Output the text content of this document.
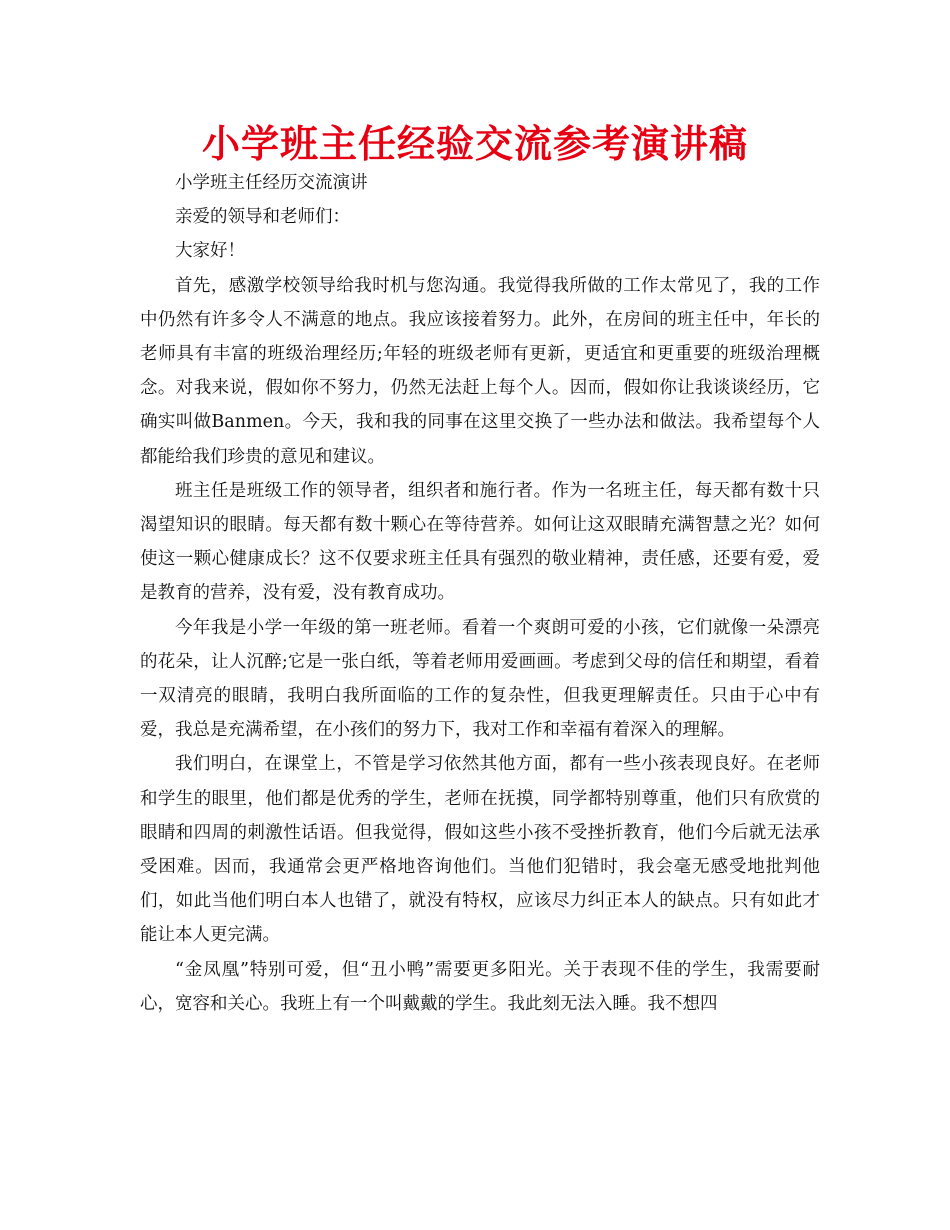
小学班主任经验交流参考演讲稿

小学班主任经历交流演讲

亲爱的领导和老师们：

大家好！

首先，感激学校领导给我时机与您沟通。我觉得我所做的工作太常见了，我的工作中仍然有许多令人不满意的地点。我应该接着努力。此外，在房间的班主任中，年长的老师具有丰富的班级治理经历;年轻的班级老师有更新，更适宜和更重要的班级治理概念。对我来说，假如你不努力，仍然无法赶上每个人。因而，假如你让我谈谈经历，它确实叫做Banmen。今天，我和我的同事在这里交换了一些办法和做法。我希望每个人都能给我们珍贵的意见和建议。

班主任是班级工作的领导者，组织者和施行者。作为一名班主任，每天都有数十只渴望知识的眼睛。每天都有数十颗心在等待营养。如何让这双眼睛充满智慧之光？如何使这一颗心健康成长？这不仅要求班主任具有强烈的敬业精神，责任感，还要有爱，爱是教育的营养，没有爱，没有教育成功。

今年我是小学一年级的第一班老师。看着一个爽朗可爱的小孩，它们就像一朵漂亮的花朵，让人沉醉;它是一张白纸，等着老师用爱画画。考虑到父母的信任和期望，看着一双清亮的眼睛，我明白我所面临的工作的复杂性，但我更理解责任。只由于心中有爱，我总是充满希望，在小孩们的努力下，我对工作和幸福有着深入的理解。

我们明白，在课堂上，不管是学习依然其他方面，都有一些小孩表现良好。在老师和学生的眼里，他们都是优秀的学生，老师在抚摸，同学都特别尊重，他们只有欣赏的眼睛和四周的刺激性话语。但我觉得，假如这些小孩不受挫折教育，他们今后就无法承受困难。因而，我通常会更严格地咨询他们。当他们犯错时，我会毫无感受地批判他们，如此当他们明白本人也错了，就没有特权，应该尽力纠正本人的缺点。只有如此才能让本人更完满。

“金凤凰”特别可爱，但“丑小鸭”需要更多阳光。关于表现不佳的学生，我需要耐心，宽容和关心。我班上有一个叫戴戴的学生。我此刻无法入睡。我不想四
